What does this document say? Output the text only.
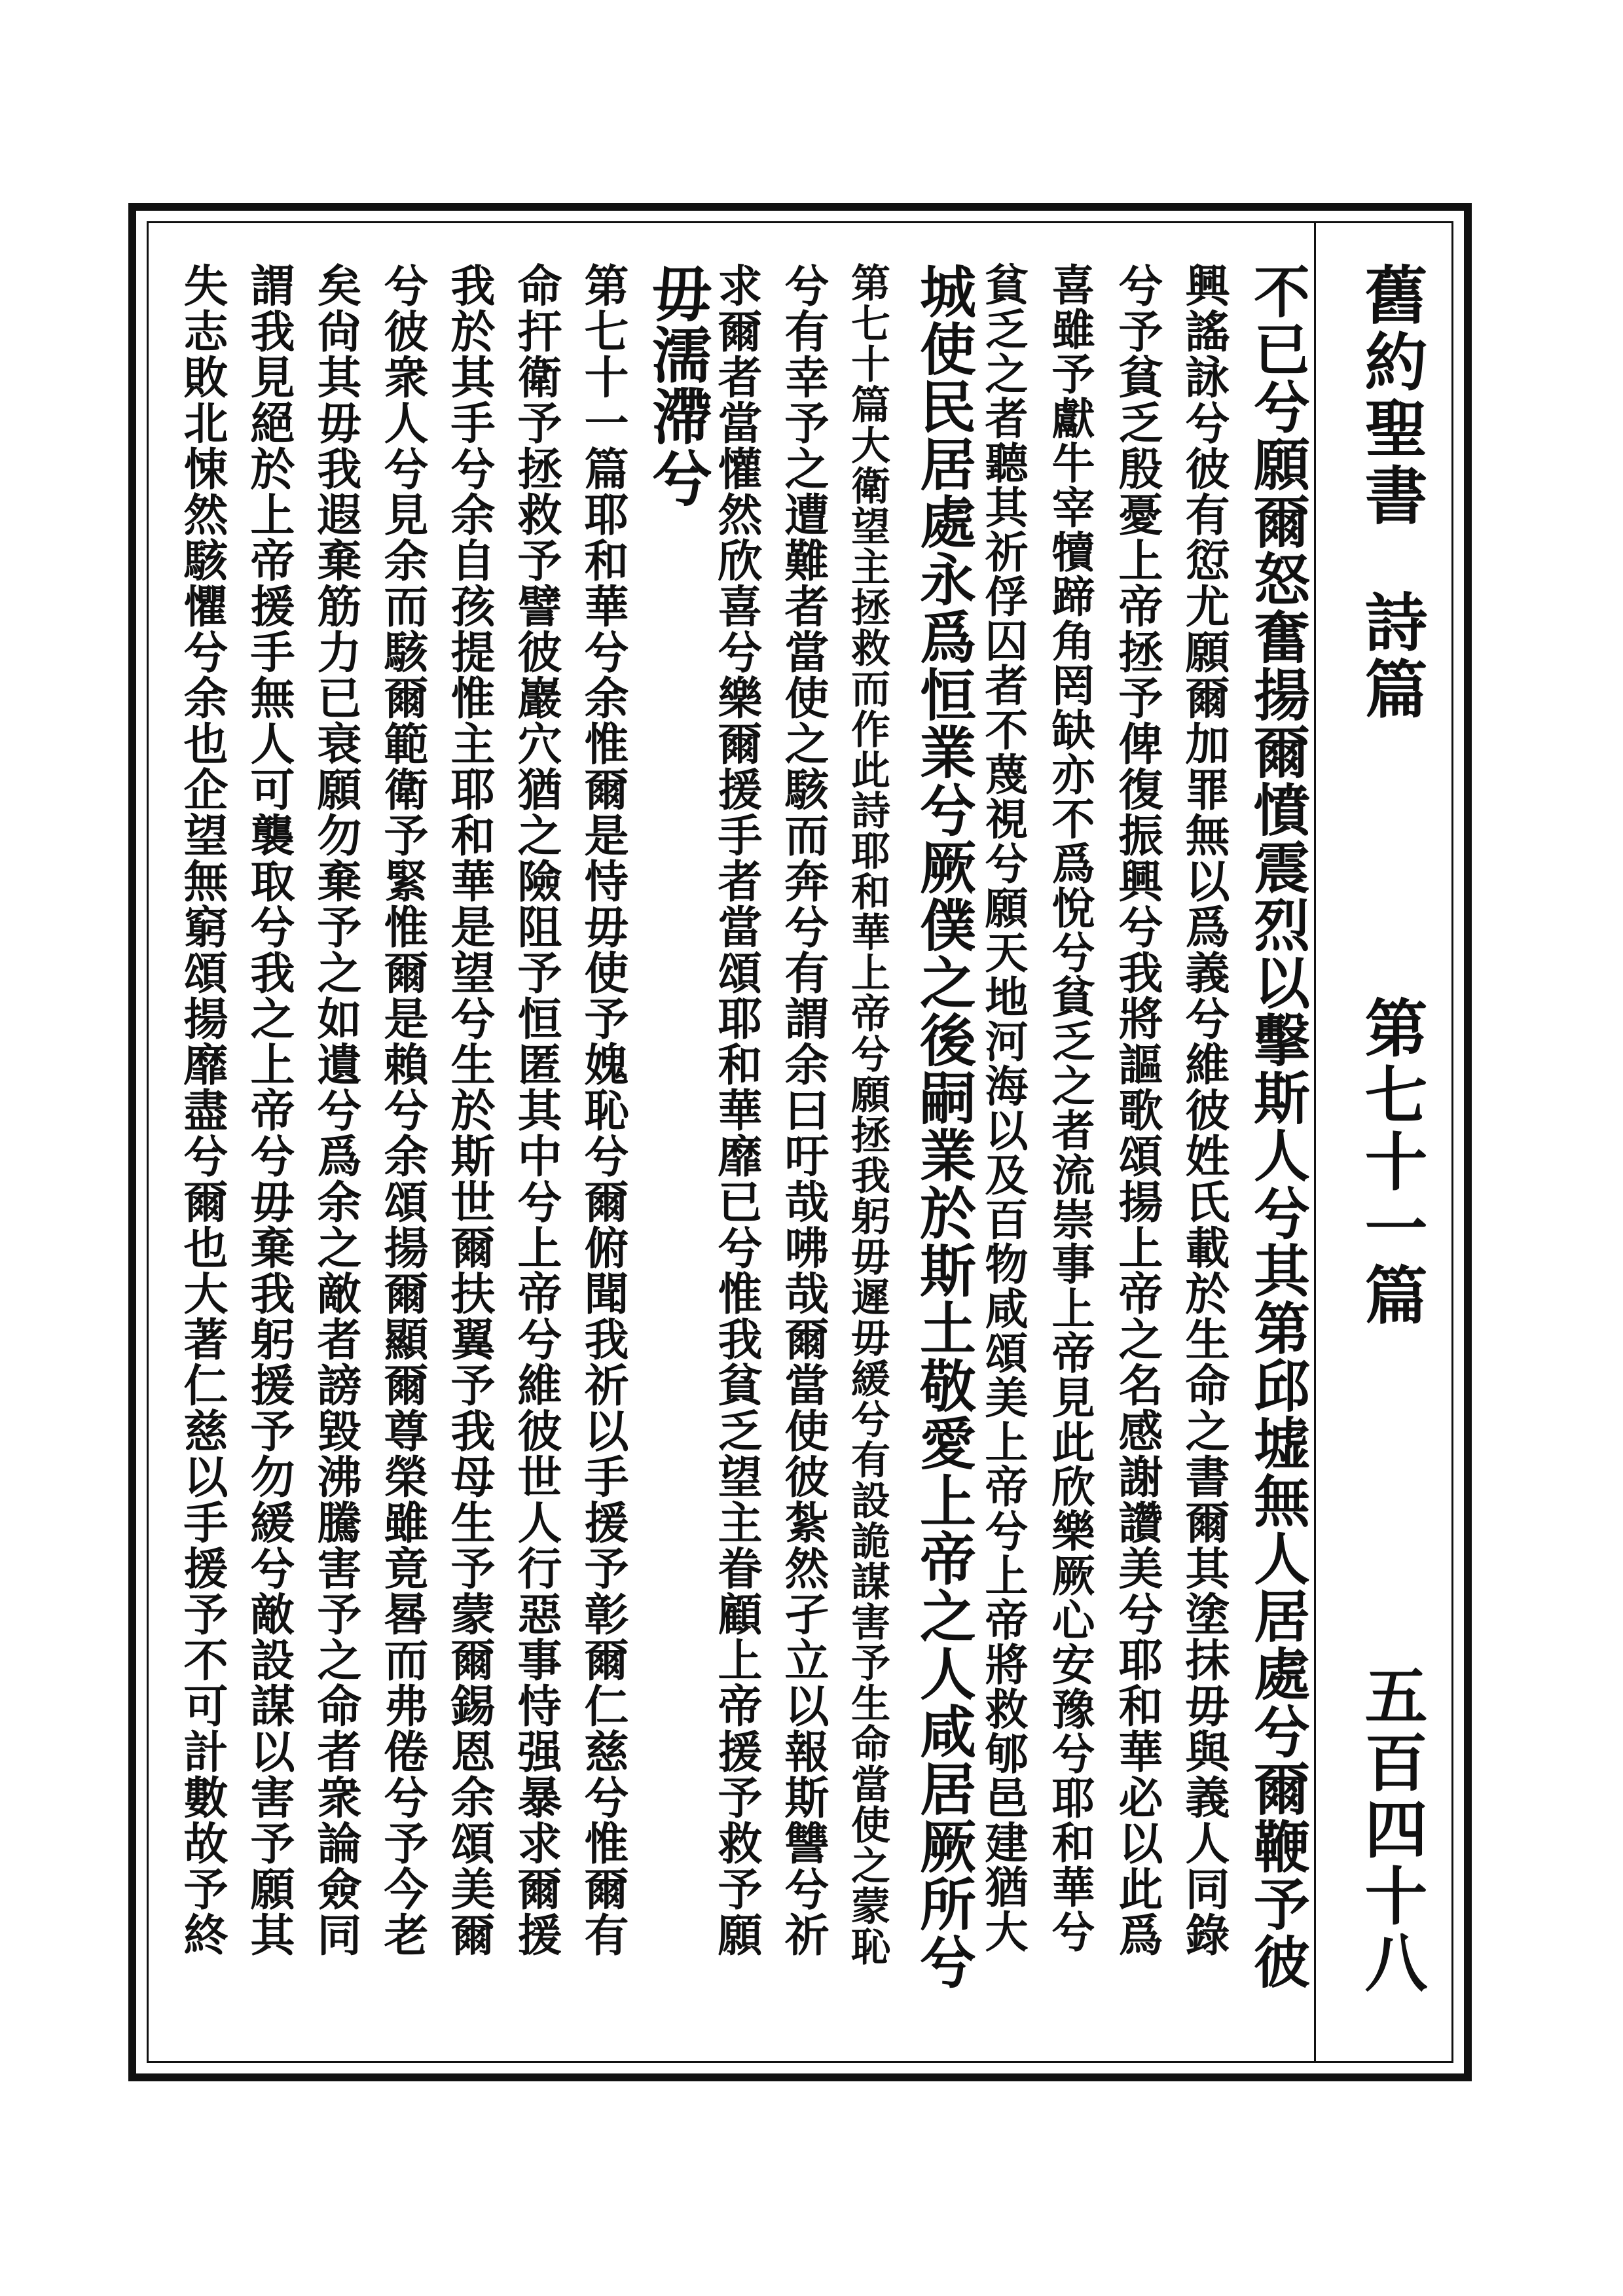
舊約聖書
詩篇
第七十一篇
五百四十八
不已兮願爾怒奮揚爾憤震烈以擊斯人兮其第邱墟無人居處兮爾鞭予彼
興謠詠兮彼有愆尤願爾加罪無以爲義兮維彼姓氏載於生命之書爾其塗抹毋與義人同錄
兮予貧乏殷憂上帝拯予俾復振興兮我將謳歌頌揚上帝之名感謝讚美兮耶和華必以此爲
喜雖予獻牛宰犢蹄角罔缺亦不爲悅兮貧乏之者流崇事上帝見此欣樂厥心安豫兮耶和華兮
貧乏之者聽其祈俘囚者不蔑視兮願天地河海以及百物咸頌美上帝兮上帝將救郇邑建猶大
城使民居處永爲恒業兮厥僕之後嗣業於斯土敬愛上帝之人咸居厥所兮
第七十篇大衛望主拯救而作此詩耶和華上帝兮願拯我躬毋遲毋緩兮有設詭謀害予生命當使之蒙恥
兮有幸予之遭難者當使之駭而奔兮有謂余曰吁哉咈哉爾當使彼紮然孑立以報斯讐兮祈
求爾者當懽然欣喜兮樂爾援手者當頌耶和華靡已兮惟我貧乏望主眷顧上帝援予救予願
毋濡滯兮
第七十一篇耶和華兮余惟爾是恃毋使予媿恥兮爾俯聞我祈以手援予彰爾仁慈兮惟爾有
命扞衛予拯救予譬彼巖穴猶之險阻予恒匿其中兮上帝兮維彼世人行惡事恃强暴求爾援
我於其手兮余自孩提惟主耶和華是望兮生於斯世爾扶翼予我母生予蒙爾錫恩余頌美爾
兮彼衆人兮見余而駭爾範衛予緊惟爾是賴兮余頌揚爾顯爾尊榮雖竟晷而弗倦兮予今老
矣尙其毋我遐棄筋力已衰願勿棄予之如遺兮爲余之敵者謗毀沸騰害予之命者衆論僉同
謂我見絕於上帝援手無人可襲取兮我之上帝兮毋棄我躬援予勿緩兮敵設謀以害予願其
失志敗北悚然駭懼兮余也企望無窮頌揚靡盡兮爾也大著仁慈以手援予不可計數故予終
